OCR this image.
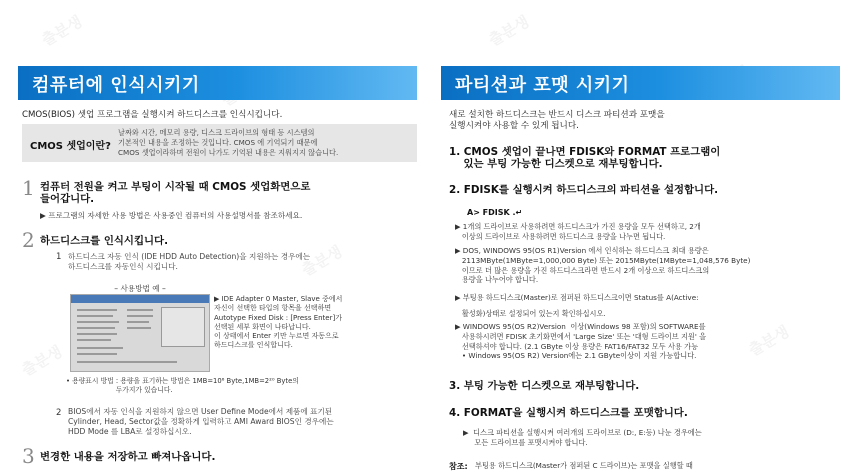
출분생
출분생
출분생
컴퓨터에 인식시키기
CMOS(BIOS) 셋업 프로그램을 실행시켜 하드디스크를 인식시킵니다.
CMOS 셋업이란?
날짜와 시간, 메모리 용량, 디스크 드라이브의 형태 등 시스템의
기본적인 내용을 조정하는 것입니다. CMOS 에 기억되기 때문에
CMOS 셋업이라하며 전원이 나가도 기억된 내용은 지워지지 않습니다.
1 컴퓨터 전원을 켜고 부팅이 시작될 때 CMOS 셋업화면으로
들어갑니다.
▶ 프로그램의 자세한 사용 방법은 사용중인 컴퓨터의 사용설명서를 참조하세요.
2 하드디스크를 인식시킵니다.
1 하드디스크 자동 인식 (IDE HDD Auto Detection)을 지원하는 경우에는
하드디스크를 자동인식 시킵니다.
– 사용방법 예 –
▶ IDE Adapter 0 Master, Slave 중에서
자신이 선택한 타입의 항목을 선택하면
Autotype Fixed Disk : [Press Enter]가
선택된 세부 화면이 나타납니다.
이 상태에서 Enter 키만 누르면 자동으로
하드디스크를 인식합니다.
• 용량표시 방법 : 용량을 표기하는 방법은 1MB=10⁶ Byte,1MB=2²⁰ Byte의
두가지가 있습니다.
2 BIOS에서 자동 인식을 지원하지 않으면 User Define Mode에서 제품에 표기된
Cylinder, Head, Sector값을 정확하게 입력하고 AMI Award BIOS인 경우에는
HDD Mode 를 LBA로 설정하십시오.
3 변경한 내용을 저장하고 빠져나옵니다.
출분생
출분생
파티션과 포맷 시키기
새로 설치한 하드디스크는 반드시 디스크 파티션과 포맷을
실행시켜야 사용할 수 있게 됩니다.
1. CMOS 셋업이 끝나면 FDISK와 FORMAT 프로그램이
있는 부팅 가능한 디스켓으로 재부팅합니다.
2. FDISK를 실행시켜 하드디스크의 파티션을 설정합니다.
A> FDISK .↵
▶ 1개의 드라이브로 사용하려면 하드디스크가 가진 용량을 모두 선택하고, 2개
이상의 드라이브로 사용하려면 하드디스크 용량을 나누면 됩니다.
▶ DOS, WINDOWS 95(OS R1)Version 에서 인식하는 하드디스크 최대 용량은
2113MByte(1MByte=1,000,000 Byte) 또는 2015MByte(1MByte=1,048,576 Byte)
이므로 더 많은 용량을 가진 하드디스크라면 반드시 2개 이상으로 하드디스크의
용량을 나누어야 합니다.
▶ 부팅용 하드디스크(Master)로 점퍼된 하드디스크이면 Status를 A(Active:
활성화)상태로 설정되어 있는지 확인하십시오.
▶ WINDOWS 95(OS R2)Version  이상(Windows 98 포함)의 SOFTWARE를
사용하시려면 FDISK 초기화면에서 'Large Size' 또는 '대형 드라이브 지원' 을
선택하셔야 합니다. (2.1 GByte 이상 용량은 FAT16/FAT32 모두 사용 가능
• Windows 95(OS R2) Version에는 2.1 GByte이상이 지원 가능합니다.
3. 부팅 가능한 디스켓으로 재부팅합니다.
4. FORMAT을 실행시켜 하드디스크를 포맷합니다.
▶  디스크 파티션을 실행시켜 여러개의 드라이브로 (D:, E:등) 나눈 경우에는
모든 드라이브를 포맷시켜야 합니다.
참조: 부팅용 하드디스크(Master가 점퍼된 C 드라이브)는 포맷을 실행할 때
